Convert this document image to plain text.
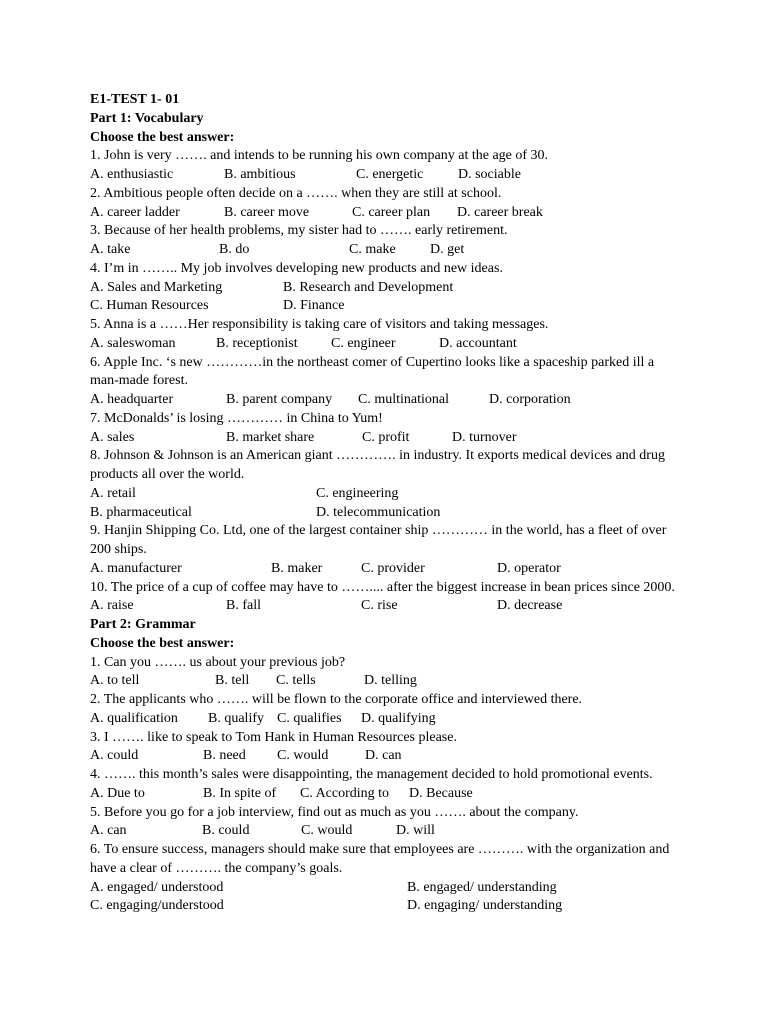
E1-TEST 1- 01
Part 1: Vocabulary
Choose the best answer:
1. John is very ……. and intends to be running his own company at the age of 30.
A. enthusiastic	B. ambitious	C. energetic D. sociable
2. Ambitious people often decide on a ……. when they are still at school.
A. career ladder	B. career move	C. career plan D. career break
3. Because of her health problems, my sister had to ……. early retirement.
A. take	B. do	C. make D. get
4. I’m in …….. My job involves developing new products and new ideas.
A. Sales and Marketing	B. Research and Development
C. Human Resources	D. Finance
5. Anna is a ……Her responsibility is taking care of visitors and taking messages.
A. saleswoman	B. receptionist C. engineer	D. accountant
6. Apple Inc. ‘s new …………in the northeast comer of Cupertino looks like a spaceship parked ill a
man-made forest.
A. headquarter	B. parent company C. multinational	D. corporation
7. McDonalds’ is losing ………… in China to Yum!
A. sales	B. market share	C. profit	D. turnover
8. Johnson & Johnson is an American giant …………. in industry. It exports medical devices and drug
products all over the world.
A. retail	C. engineering
B. pharmaceutical	D. telecommunication
9. Hanjin Shipping Co. Ltd, one of the largest container ship ………… in the world, has a fleet of over
200 ships.
A. manufacturer	B. maker	C. provider	D. operator
10. The price of a cup of coffee may have to …….... after the biggest increase in bean prices since 2000.
A. raise	B. fall	C. rise	D. decrease
Part 2: Grammar
Choose the best answer:
1. Can you ……. us about your previous job?
A. to tell	B. tell C. tells	D. telling
2. The applicants who ……. will be flown to the corporate office and interviewed there.
A. qualification B. qualify C. qualifies D. qualifying
3. I ……. like to speak to Tom Hank in Human Resources please.
A. could	B. need C. would	D. can
4. ……. this month’s sales were disappointing, the management decided to hold promotional events.
A. Due to	B. In spite of C. According to D. Because
5. Before you go for a job interview, find out as much as you ……. about the company.
A. can	B. could	C. would	D. will
6. To ensure success, managers should make sure that employees are ………. with the organization and
have a clear of ………. the company’s goals.
A. engaged/ understood	B. engaged/ understanding
C. engaging/understood	D. engaging/ understanding
